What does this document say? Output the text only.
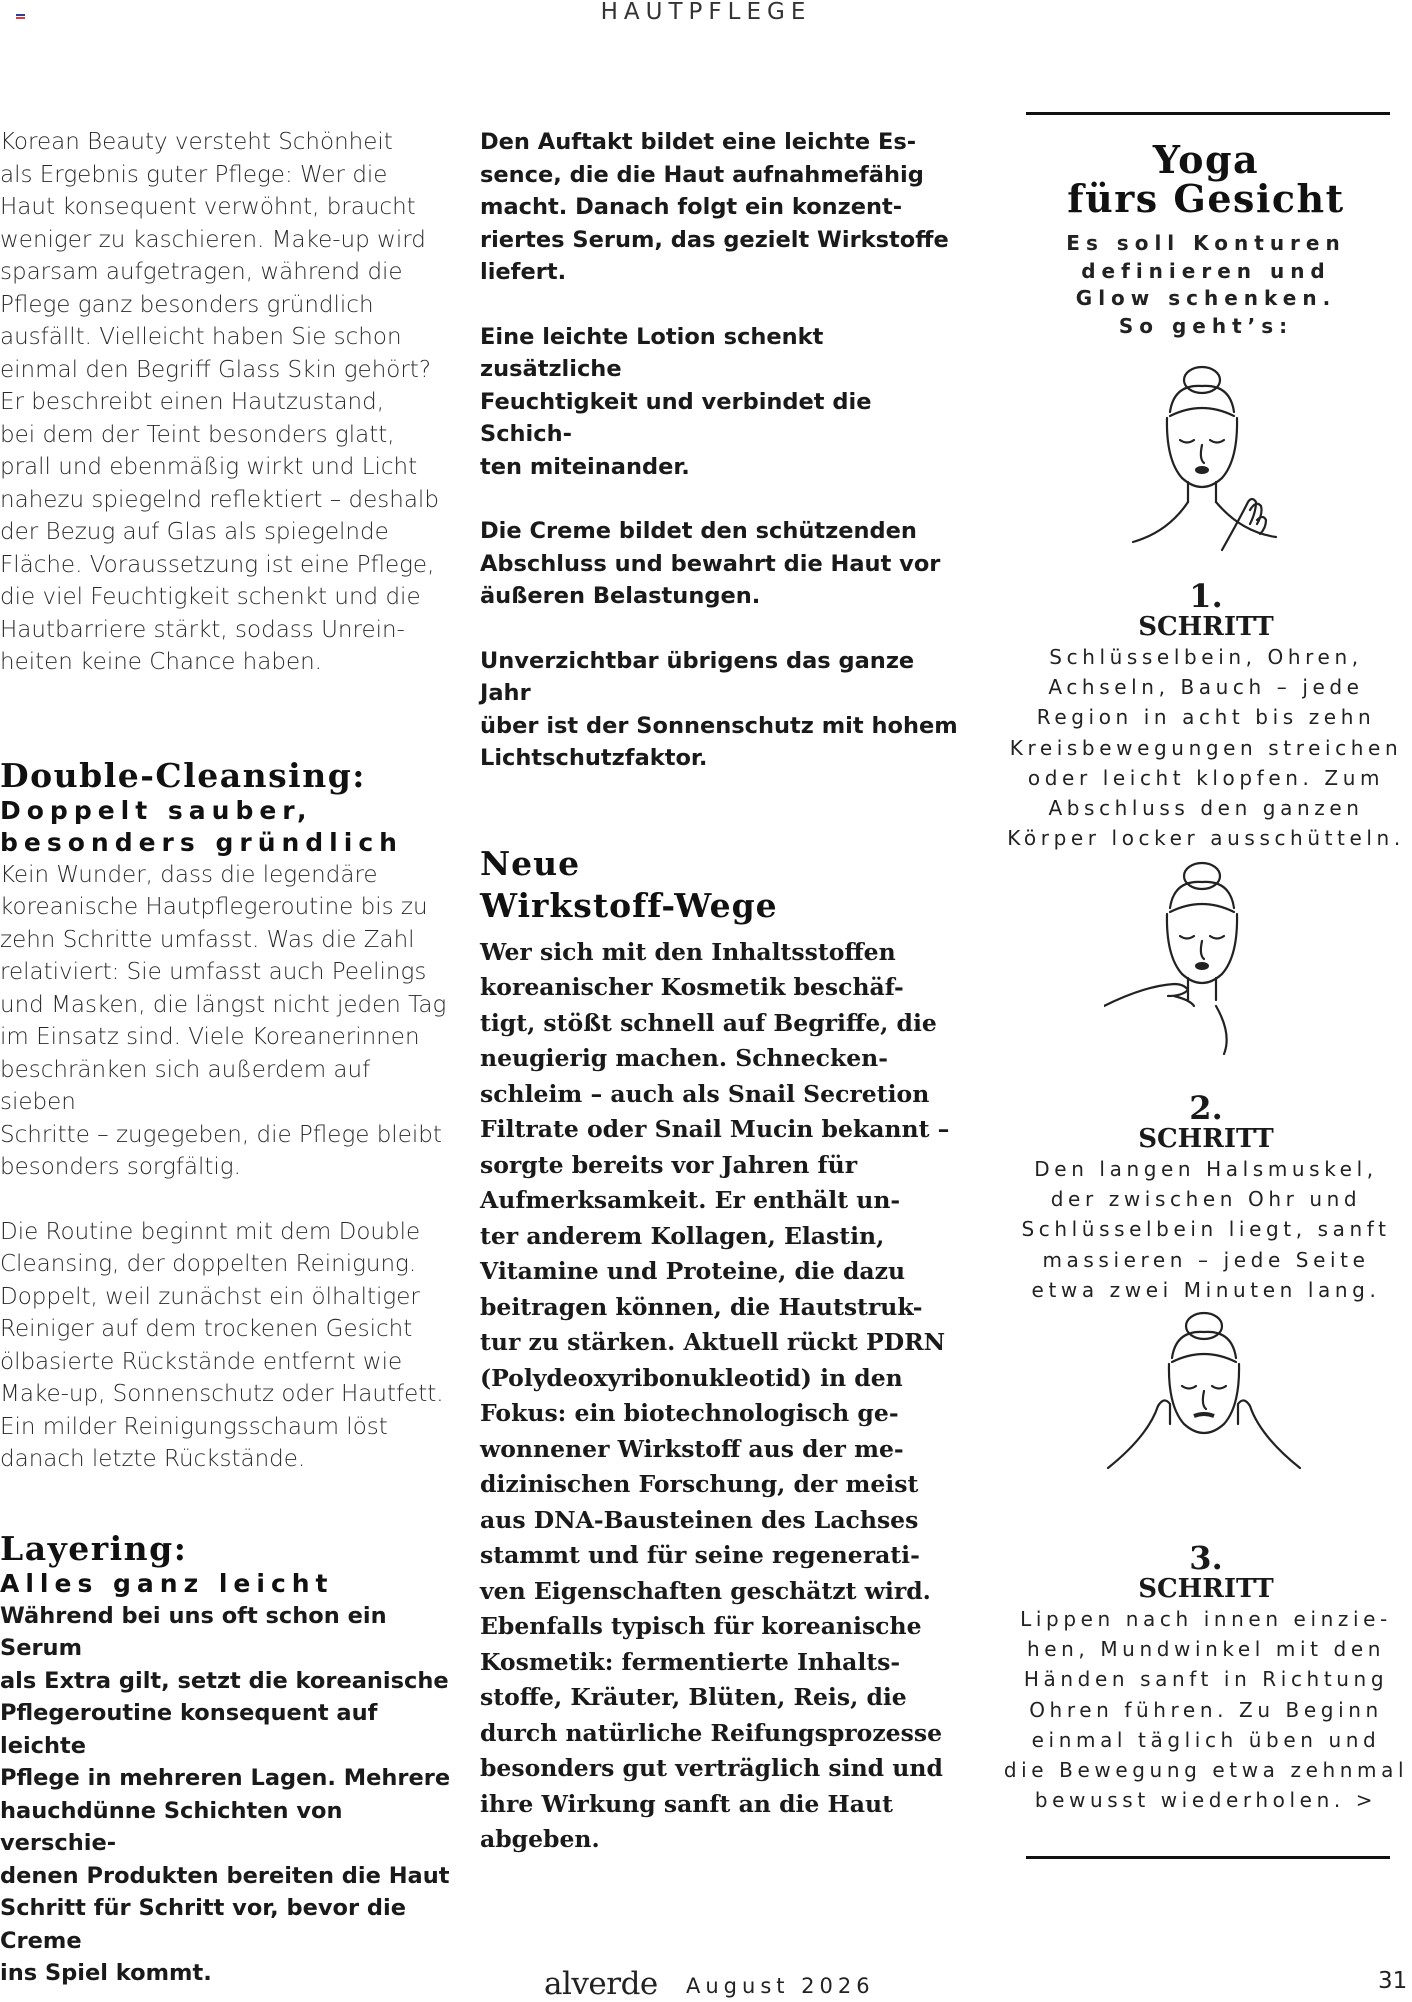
HAUTPFLEGE

Korean Beauty versteht Schönheit
als Ergebnis guter Pflege: Wer die
Haut konsequent verwöhnt, braucht
weniger zu kaschieren. Make-up wird
sparsam aufgetragen, während die
Pflege ganz besonders gründlich
ausfällt. Vielleicht haben Sie schon
einmal den Begriff Glass Skin gehört?
Er beschreibt einen Hautzustand,
bei dem der Teint besonders glatt,
prall und ebenmäßig wirkt und Licht
nahezu spiegelnd reflektiert – deshalb
der Bezug auf Glas als spiegelnde
Fläche. Voraussetzung ist eine Pflege,
die viel Feuchtigkeit schenkt und die
Hautbarriere stärkt, sodass Unrein-
heiten keine Chance haben.

Double-Cleansing:

Doppelt sauber,
besonders gründlich

Kein Wunder, dass die legendäre
koreanische Hautpflegeroutine bis zu
zehn Schritte umfasst. Was die Zahl
relativiert: Sie umfasst auch Peelings
und Masken, die längst nicht jeden Tag
im Einsatz sind. Viele Koreanerinnen
beschränken sich außerdem auf sieben
Schritte – zugegeben, die Pflege bleibt
besonders sorgfältig.

Die Routine beginnt mit dem Double
Cleansing, der doppelten Reinigung.
Doppelt, weil zunächst ein ölhaltiger
Reiniger auf dem trockenen Gesicht
ölbasierte Rückstände entfernt wie
Make-up, Sonnenschutz oder Hautfett.
Ein milder Reinigungsschaum löst
danach letzte Rückstände.

Layering:

Alles ganz leicht

Während bei uns oft schon ein Serum
als Extra gilt, setzt die koreanische
Pflegeroutine konsequent auf leichte
Pflege in mehreren Lagen. Mehrere
hauchdünne Schichten von verschie-
denen Produkten bereiten die Haut
Schritt für Schritt vor, bevor die Creme
ins Spiel kommt.

Den Auftakt bildet eine leichte Es-
sence, die die Haut aufnahmefähig
macht. Danach folgt ein konzent-
riertes Serum, das gezielt Wirkstoffe
liefert.

Eine leichte Lotion schenkt zusätzliche
Feuchtigkeit und verbindet die Schich-
ten miteinander.

Die Creme bildet den schützenden
Abschluss und bewahrt die Haut vor
äußeren Belastungen.

Unverzichtbar übrigens das ganze Jahr
über ist der Sonnenschutz mit hohem
Lichtschutzfaktor.

Neue
Wirkstoff-Wege

Wer sich mit den Inhaltsstoffen
koreanischer Kosmetik beschäf-
tigt, stößt schnell auf Begriffe, die
neugierig machen. Schnecken-
schleim – auch als Snail Secretion
Filtrate oder Snail Mucin bekannt –
sorgte bereits vor Jahren für
Aufmerksamkeit. Er enthält un-
ter anderem Kollagen, Elastin,
Vitamine und Proteine, die dazu
beitragen können, die Hautstruk-
tur zu stärken. Aktuell rückt PDRN
(Polydeoxyribonukleotid) in den
Fokus: ein biotechnologisch ge-
wonnener Wirkstoff aus der me-
dizinischen Forschung, der meist
aus DNA-Bausteinen des Lachses
stammt und für seine regenerati-
ven Eigenschaften geschätzt wird.
Ebenfalls typisch für koreanische
Kosmetik: fermentierte Inhalts-
stoffe, Kräuter, Blüten, Reis, die
durch natürliche Reifungsprozesse
besonders gut verträglich sind und
ihre Wirkung sanft an die Haut
abgeben.

Yoga
fürs Gesicht
Es soll Konturen
definieren und
Glow schenken.
So geht’s:
1.
SCHRITT
Schlüsselbein, Ohren,
Achseln, Bauch – jede
Region in acht bis zehn
Kreisbewegungen streichen
oder leicht klopfen. Zum
Abschluss den ganzen
Körper locker ausschütteln.
2.
SCHRITT
Den langen Halsmuskel,
der zwischen Ohr und
Schlüsselbein liegt, sanft
massieren – jede Seite
etwa zwei Minuten lang.
3.
SCHRITT
Lippen nach innen einzie-
hen, Mundwinkel mit den
Händen sanft in Richtung
Ohren führen. Zu Beginn
einmal täglich üben und
die Bewegung etwa zehnmal
bewusst wiederholen. >
alverde August 2026	31
